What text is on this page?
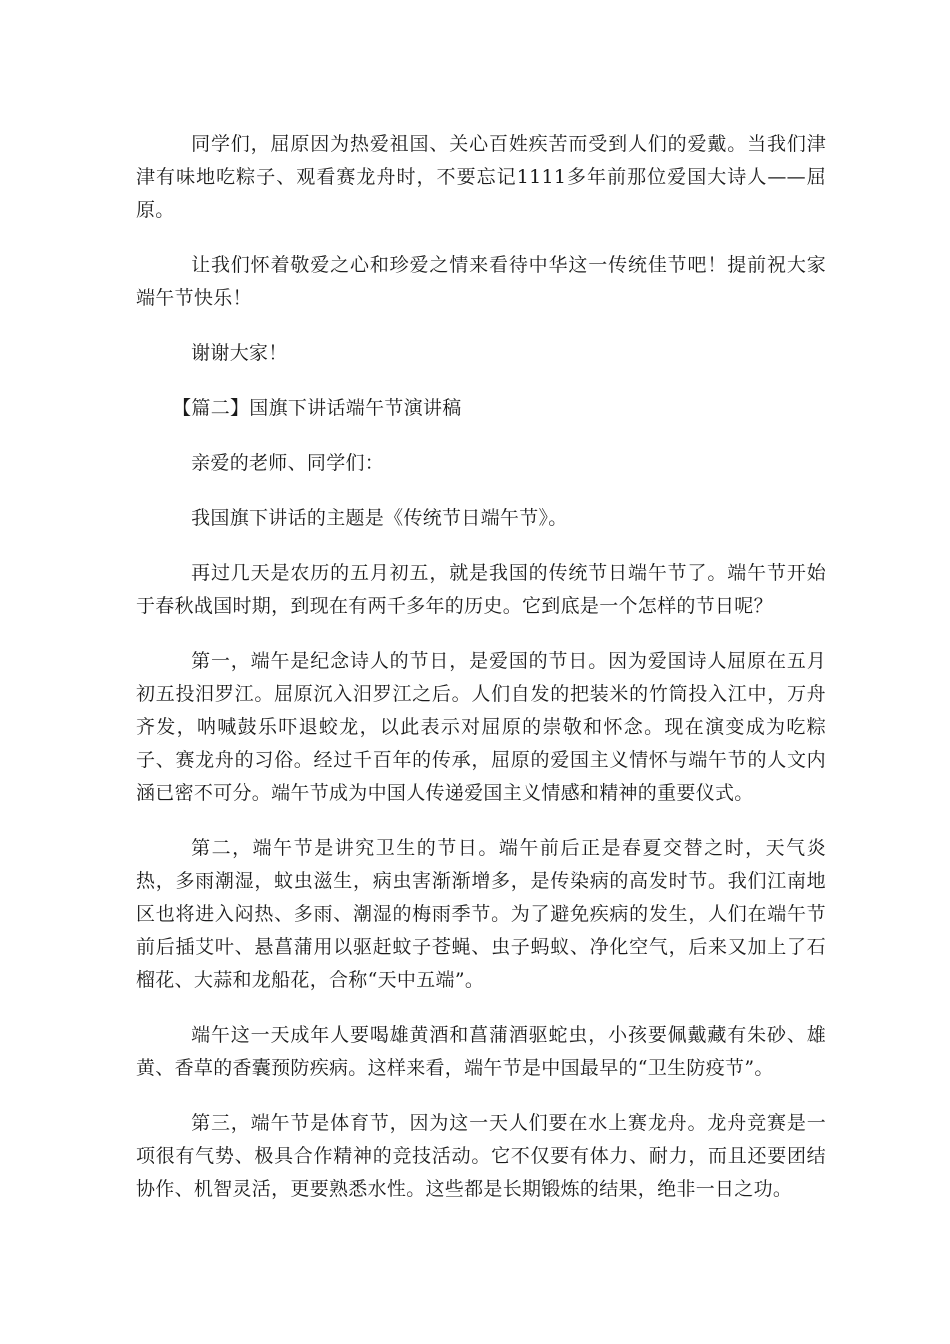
同学们，屈原因为热爱祖国、关心百姓疾苦而受到人们的爱戴。当我们津津有味地吃粽子、观看赛龙舟时，不要忘记1111多年前那位爱国大诗人——屈原。

让我们怀着敬爱之心和珍爱之情来看待中华这一传统佳节吧！提前祝大家端午节快乐！

谢谢大家！

【篇二】国旗下讲话端午节演讲稿

亲爱的老师、同学们：

我国旗下讲话的主题是《传统节日端午节》。

再过几天是农历的五月初五，就是我国的传统节日端午节了。端午节开始于春秋战国时期，到现在有两千多年的历史。它到底是一个怎样的节日呢？

第一，端午是纪念诗人的节日，是爱国的节日。因为爱国诗人屈原在五月初五投汨罗江。屈原沉入汨罗江之后。人们自发的把装米的竹筒投入江中，万舟齐发，呐喊鼓乐吓退蛟龙，以此表示对屈原的崇敬和怀念。现在演变成为吃粽子、赛龙舟的习俗。经过千百年的传承，屈原的爱国主义情怀与端午节的人文内涵已密不可分。端午节成为中国人传递爱国主义情感和精神的重要仪式。

第二，端午节是讲究卫生的节日。端午前后正是春夏交替之时，天气炎热，多雨潮湿，蚊虫滋生，病虫害渐渐增多，是传染病的高发时节。我们江南地区也将进入闷热、多雨、潮湿的梅雨季节。为了避免疾病的发生，人们在端午节前后插艾叶、悬菖蒲用以驱赶蚊子苍蝇、虫子蚂蚁、净化空气，后来又加上了石榴花、大蒜和龙船花，合称“天中五端”。

端午这一天成年人要喝雄黄酒和菖蒲酒驱蛇虫，小孩要佩戴藏有朱砂、雄黄、香草的香囊预防疾病。这样来看，端午节是中国最早的“卫生防疫节”。

第三，端午节是体育节，因为这一天人们要在水上赛龙舟。龙舟竞赛是一项很有气势、极具合作精神的竞技活动。它不仅要有体力、耐力，而且还要团结协作、机智灵活，更要熟悉水性。这些都是长期锻炼的结果，绝非一日之功。
